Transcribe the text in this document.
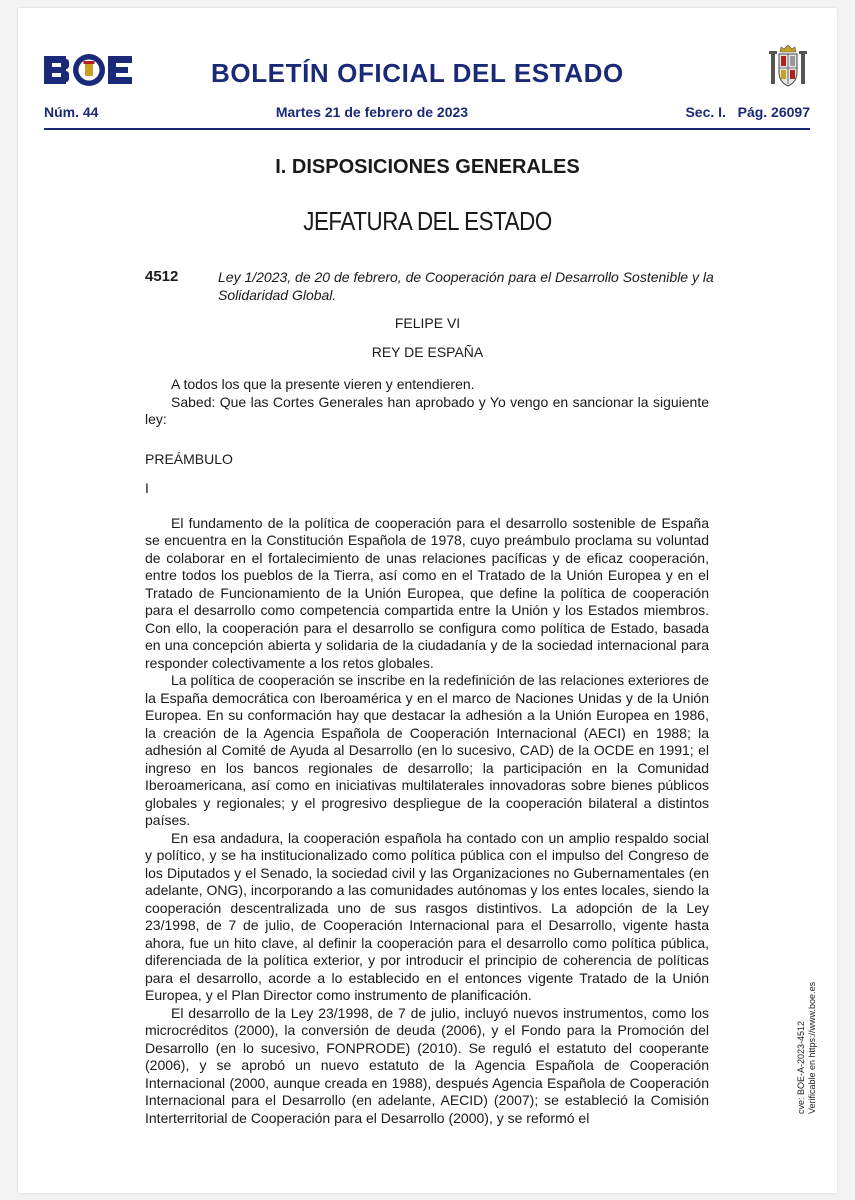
BOLETÍN OFICIAL DEL ESTADO
Núm. 44	Martes 21 de febrero de 2023	Sec. I.   Pág. 26097
I. DISPOSICIONES GENERALES
JEFATURA DEL ESTADO
4512	Ley 1/2023, de 20 de febrero, de Cooperación para el Desarrollo Sostenible y la Solidaridad Global.
FELIPE VI
REY DE ESPAÑA

A todos los que la presente vieren y entendieren.

Sabed: Que las Cortes Generales han aprobado y Yo vengo en sancionar la siguiente ley:

PREÁMBULO

I

El fundamento de la política de cooperación para el desarrollo sostenible de España se encuentra en la Constitución Española de 1978, cuyo preámbulo proclama su voluntad de colaborar en el fortalecimiento de unas relaciones pacíficas y de eficaz cooperación, entre todos los pueblos de la Tierra, así como en el Tratado de la Unión Europea y en el Tratado de Funcionamiento de la Unión Europea, que define la política de cooperación para el desarrollo como competencia compartida entre la Unión y los Estados miembros. Con ello, la cooperación para el desarrollo se configura como política de Estado, basada en una concepción abierta y solidaria de la ciudadanía y de la sociedad internacional para responder colectivamente a los retos globales.

La política de cooperación se inscribe en la redefinición de las relaciones exteriores de la España democrática con Iberoamérica y en el marco de Naciones Unidas y de la Unión Europea. En su conformación hay que destacar la adhesión a la Unión Europea en 1986, la creación de la Agencia Española de Cooperación Internacional (AECI) en 1988; la adhesión al Comité de Ayuda al Desarrollo (en lo sucesivo, CAD) de la OCDE en 1991; el ingreso en los bancos regionales de desarrollo; la participación en la Comunidad Iberoamericana, así como en iniciativas multilaterales innovadoras sobre bienes públicos globales y regionales; y el progresivo despliegue de la cooperación bilateral a distintos países.

En esa andadura, la cooperación española ha contado con un amplio respaldo social y político, y se ha institucionalizado como política pública con el impulso del Congreso de los Diputados y el Senado, la sociedad civil y las Organizaciones no Gubernamentales (en adelante, ONG), incorporando a las comunidades autónomas y los entes locales, siendo la cooperación descentralizada uno de sus rasgos distintivos. La adopción de la Ley 23/1998, de 7 de julio, de Cooperación Internacional para el Desarrollo, vigente hasta ahora, fue un hito clave, al definir la cooperación para el desarrollo como política pública, diferenciada de la política exterior, y por introducir el principio de coherencia de políticas para el desarrollo, acorde a lo establecido en el entonces vigente Tratado de la Unión Europea, y el Plan Director como instrumento de planificación.

El desarrollo de la Ley 23/1998, de 7 de julio, incluyó nuevos instrumentos, como los microcréditos (2000), la conversión de deuda (2006), y el Fondo para la Promoción del Desarrollo (en lo sucesivo, FONPRODE) (2010). Se reguló el estatuto del cooperante (2006), y se aprobó un nuevo estatuto de la Agencia Española de Cooperación Internacional (2000, aunque creada en 1988), después Agencia Española de Cooperación Internacional para el Desarrollo (en adelante, AECID) (2007); se estableció la Comisión Interterritorial de Cooperación para el Desarrollo (2000), y se reformó el

cve: BOE-A-2023-4512 Verificable en https://www.boe.es
